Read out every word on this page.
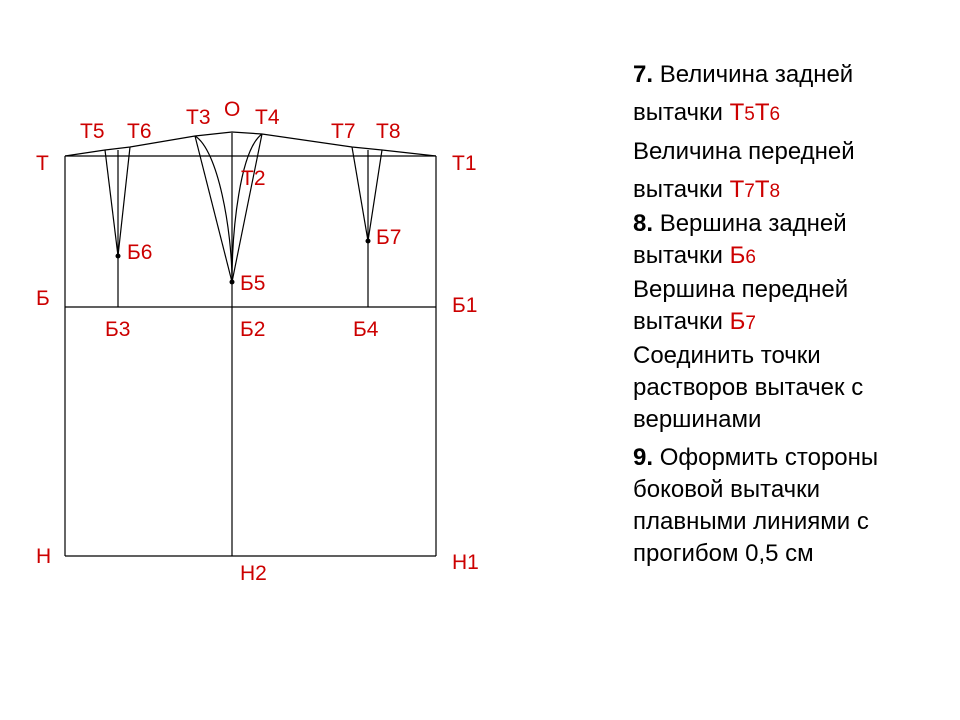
О
Т	Т1
Т2
Т3 Т4
Т5 Т6	Т7 Т8
Б	Б1
Б2
Б3	Б4
Б5
Б6
Б7
Н	Н1
Н2
7. Величина задней
вытачки Т5Т6
Величина передней
вытачки Т7Т8
8. Вершина задней
вытачки Б6
Вершина передней
вытачки Б7
Соединить точки
растворов вытачек с
вершинами
9. Оформить стороны
боковой вытачки
плавными линиями с
прогибом 0,5 см
